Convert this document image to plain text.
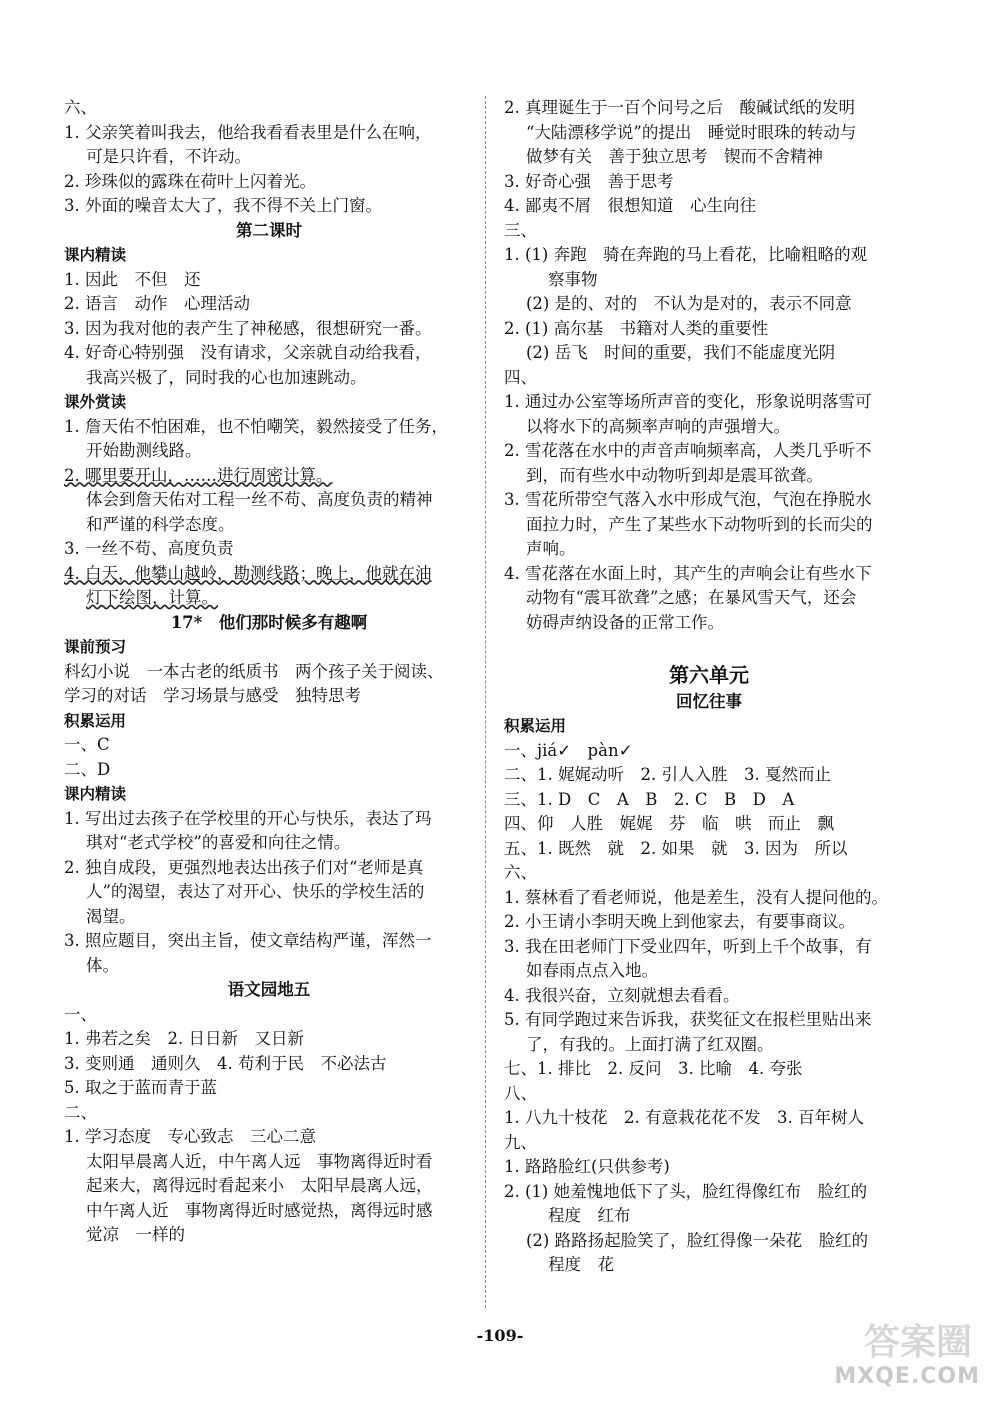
六、
1. 父亲笑着叫我去，他给我看看表里是什么在响，
可是只许看，不许动。
2. 珍珠似的露珠在荷叶上闪着光。
3. 外面的噪音太大了，我不得不关上门窗。
第二课时
课内精读
1. 因此　不但　还
2. 语言　动作　心理活动
3. 因为我对他的表产生了神秘感，很想研究一番。
4. 好奇心特别强　没有请求，父亲就自动给我看，
我高兴极了，同时我的心也加速跳动。
课外赏读
1. 詹天佑不怕困难，也不怕嘲笑，毅然接受了任务，
开始勘测线路。
2. 哪里要开山，……进行周密计算。
体会到詹天佑对工程一丝不苟、高度负责的精神
和严谨的科学态度。
3. 一丝不苟、高度负责
4. 白天，他攀山越岭，勘测线路；晚上，他就在油
灯下绘图，计算。
17*　他们那时候多有趣啊
课前预习
科幻小说　一本古老的纸质书　两个孩子关于阅读、
学习的对话　学习场景与感受　独特思考
积累运用
一、C
二、D
课内精读
1. 写出过去孩子在学校里的开心与快乐，表达了玛
琪对“老式学校”的喜爱和向往之情。
2. 独自成段，更强烈地表达出孩子们对“老师是真
人”的渴望，表达了对开心、快乐的学校生活的
渴望。
3. 照应题目，突出主旨，使文章结构严谨，浑然一
体。
语文园地五
一、
1. 弗若之矣　2. 日日新　又日新
3. 变则通　通则久　4. 苟利于民　不必法古
5. 取之于蓝而青于蓝
二、
1. 学习态度　专心致志　三心二意
太阳早晨离人近，中午离人远　事物离得近时看
起来大，离得远时看起来小　太阳早晨离人远，
中午离人近　事物离得近时感觉热，离得远时感
觉凉　一样的
2. 真理诞生于一百个问号之后　酸碱试纸的发明
“大陆漂移学说”的提出　睡觉时眼珠的转动与
做梦有关　善于独立思考　锲而不舍精神
3. 好奇心强　善于思考
4. 鄙夷不屑　很想知道　心生向往
三、
1. (1) 奔跑　骑在奔跑的马上看花，比喻粗略的观
察事物
(2) 是的、对的　不认为是对的，表示不同意
2. (1) 高尔基　书籍对人类的重要性
(2) 岳飞　时间的重要，我们不能虚度光阴
四、
1. 通过办公室等场所声音的变化，形象说明落雪可
以将水下的高频率声响的声强增大。
2. 雪花落在水中的声音声响频率高，人类几乎听不
到，而有些水中动物听到却是震耳欲聋。
3. 雪花所带空气落入水中形成气泡，气泡在挣脱水
面拉力时，产生了某些水下动物听到的长而尖的
声响。
4. 雪花落在水面上时，其产生的声响会让有些水下
动物有“震耳欲聋”之感；在暴风雪天气，还会
妨碍声纳设备的正常工作。
第六单元
回忆往事
积累运用
一、jiá✓　pàn✓
二、1. 娓娓动听　2. 引人入胜　3. 戛然而止
三、1. D　C　A　B　2. C　B　D　A
四、仰　人胜　娓娓　芬　临　哄　而止　飘
五、1. 既然　就　2. 如果　就　3. 因为　所以
六、
1. 蔡林看了看老师说，他是差生，没有人提问他的。
2. 小王请小李明天晚上到他家去，有要事商议。
3. 我在田老师门下受业四年，听到上千个故事，有
如春雨点点入地。
4. 我很兴奋，立刻就想去看看。
5. 有同学跑过来告诉我，获奖征文在报栏里贴出来
了，有我的。上面打满了红双圈。
七、1. 排比　2. 反问　3. 比喻　4. 夸张
八、
1. 八九十枝花　2. 有意栽花花不发　3. 百年树人
九、
1. 路路脸红(只供参考)
2. (1) 她羞愧地低下了头，脸红得像红布　脸红的
程度　红布
(2) 路路扬起脸笑了，脸红得像一朵花　脸红的
程度　花
-109-	答案圈
MXQE.COM
